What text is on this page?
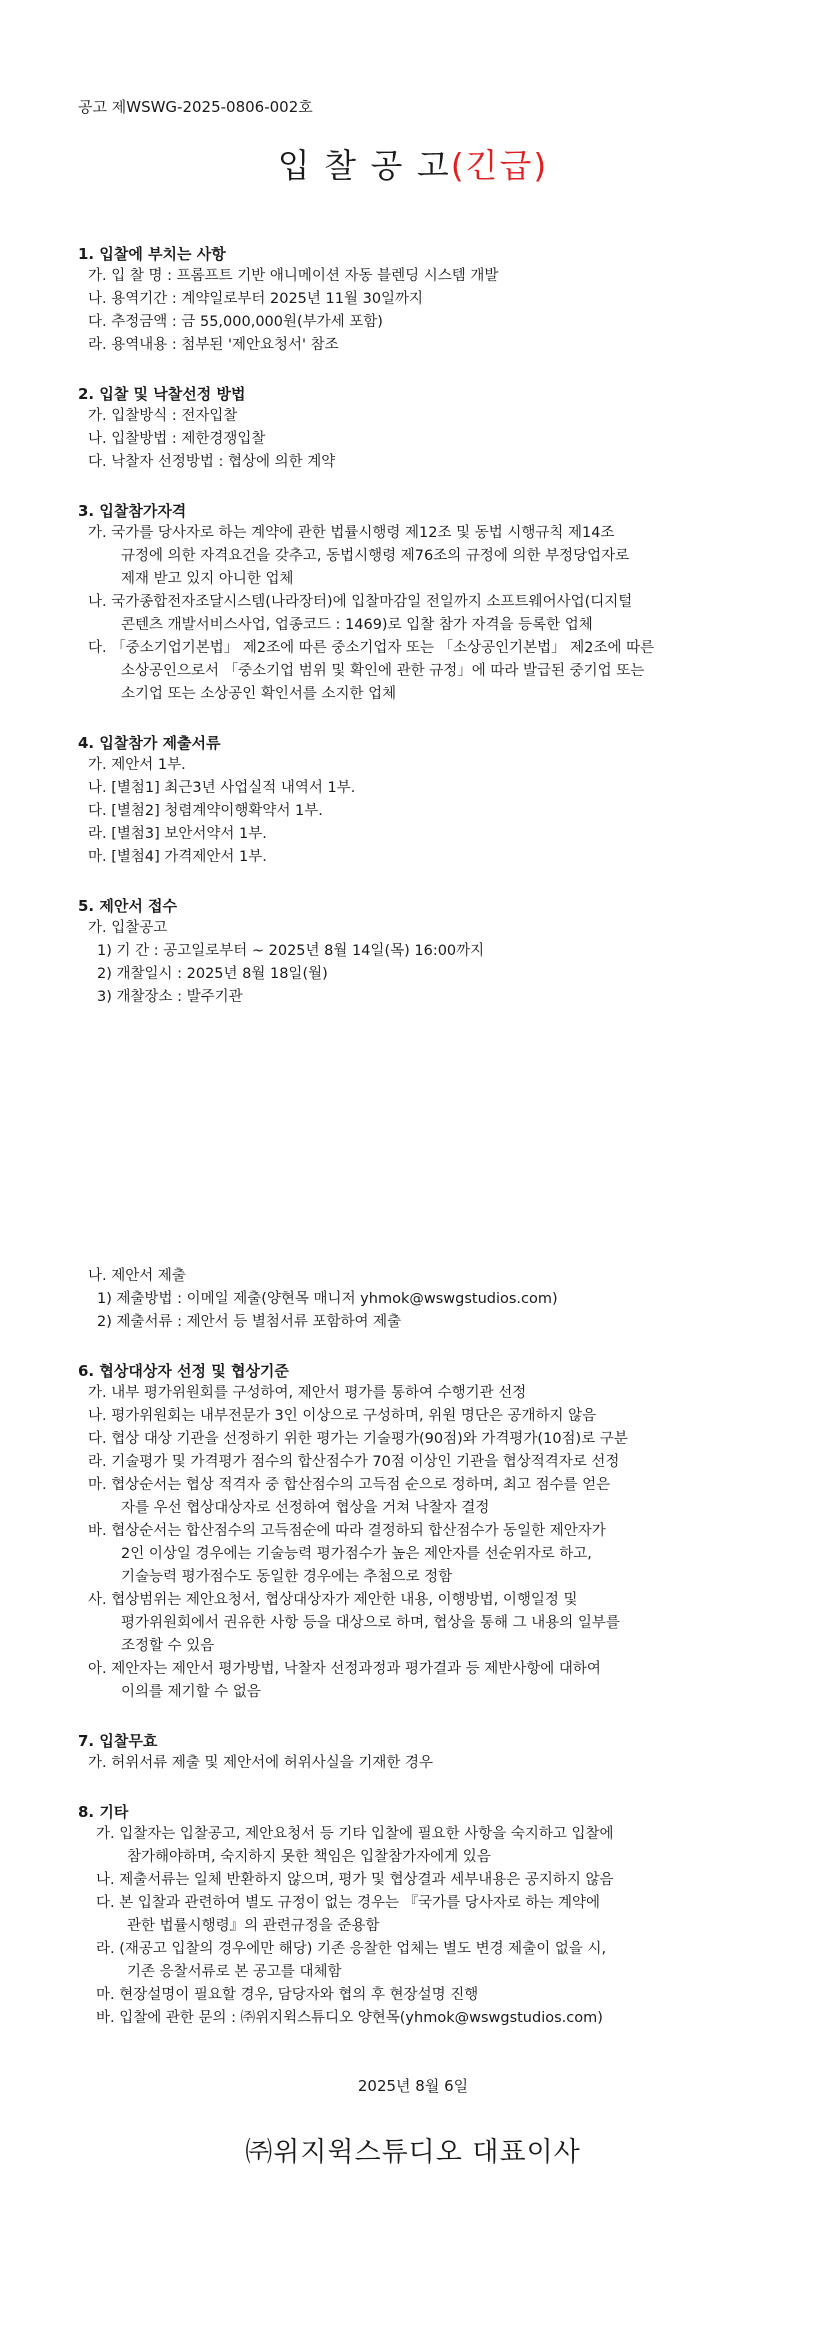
공고 제WSWG-2025-0806-002호
입 찰 공 고(긴급)
1. 입찰에 부치는 사항
가. 입 찰 명 : 프롬프트 기반 애니메이션 자동 블렌딩 시스템 개발
나. 용역기간 : 계약일로부터 2025년 11월 30일까지
다. 추정금액 : 금 55,000,000원(부가세 포함)
라. 용역내용 : 첨부된 '제안요청서' 참조
2. 입찰 및 낙찰선정 방법
가. 입찰방식 : 전자입찰
나. 입찰방법 : 제한경쟁입찰
다. 낙찰자 선정방법 : 협상에 의한 계약
3. 입찰참가자격
가. 국가를 당사자로 하는 계약에 관한 법률시행령 제12조 및 동법 시행규칙 제14조
규정에 의한 자격요건을 갖추고, 동법시행령 제76조의 규정에 의한 부정당업자로
제재 받고 있지 아니한 업체
나. 국가종합전자조달시스템(나라장터)에 입찰마감일 전일까지 소프트웨어사업(디지털
콘텐츠 개발서비스사업, 업종코드 : 1469)로 입찰 참가 자격을 등록한 업체
다. 「중소기업기본법」 제2조에 따른 중소기업자 또는 「소상공인기본법」 제2조에 따른
소상공인으로서 「중소기업 범위 및 확인에 관한 규정」에 따라 발급된 중기업 또는
소기업 또는 소상공인 확인서를 소지한 업체
4. 입찰참가 제출서류
가. 제안서 1부.
나. [별첨1] 최근3년 사업실적 내역서 1부.
다. [별첨2] 청렴계약이행확약서 1부.
라. [별첨3] 보안서약서 1부.
마. [별첨4] 가격제안서 1부.
5. 제안서 접수
가. 입찰공고
1) 기 간 : 공고일로부터 ~ 2025년 8월 14일(목) 16:00까지
2) 개찰일시 : 2025년 8월 18일(월)
3) 개찰장소 : 발주기관
나. 제안서 제출
1) 제출방법 : 이메일 제출(양현목 매니저 yhmok@wswgstudios.com)
2) 제출서류 : 제안서 등 별첨서류 포함하여 제출
6. 협상대상자 선정 및 협상기준
가. 내부 평가위원회를 구성하여, 제안서 평가를 통하여 수행기관 선정
나. 평가위원회는 내부전문가 3인 이상으로 구성하며, 위원 명단은 공개하지 않음
다. 협상 대상 기관을 선정하기 위한 평가는 기술평가(90점)와 가격평가(10점)로 구분
라. 기술평가 및 가격평가 점수의 합산점수가 70점 이상인 기관을 협상적격자로 선정
마. 협상순서는 협상 적격자 중 합산점수의 고득점 순으로 정하며, 최고 점수를 얻은
자를 우선 협상대상자로 선정하여 협상을 거쳐 낙찰자 결정
바. 협상순서는 합산점수의 고득점순에 따라 결정하되 합산점수가 동일한 제안자가
2인 이상일 경우에는 기술능력 평가점수가 높은 제안자를 선순위자로 하고,
기술능력 평가점수도 동일한 경우에는 추첨으로 정함
사. 협상범위는 제안요청서, 협상대상자가 제안한 내용, 이행방법, 이행일정 및
평가위원회에서 권유한 사항 등을 대상으로 하며, 협상을 통해 그 내용의 일부를
조정할 수 있음
아. 제안자는 제안서 평가방법, 낙찰자 선정과정과 평가결과 등 제반사항에 대하여
이의를 제기할 수 없음
7. 입찰무효
가. 허위서류 제출 및 제안서에 허위사실을 기재한 경우
8. 기타
가. 입찰자는 입찰공고, 제안요청서 등 기타 입찰에 필요한 사항을 숙지하고 입찰에
참가해야하며, 숙지하지 못한 책임은 입찰참가자에게 있음
나. 제출서류는 일체 반환하지 않으며, 평가 및 협상결과 세부내용은 공지하지 않음
다. 본 입찰과 관련하여 별도 규정이 없는 경우는 『국가를 당사자로 하는 계약에
관한 법률시행령』의 관련규정을 준용함
라. (재공고 입찰의 경우에만 해당) 기존 응찰한 업체는 별도 변경 제출이 없을 시,
기존 응찰서류로 본 공고를 대체함
마. 현장설명이 필요할 경우, 담당자와 협의 후 현장설명 진행
바. 입찰에 관한 문의 : ㈜위지윅스튜디오 양현목(yhmok@wswgstudios.com)
2025년 8월 6일
㈜위지윅스튜디오 대표이사
